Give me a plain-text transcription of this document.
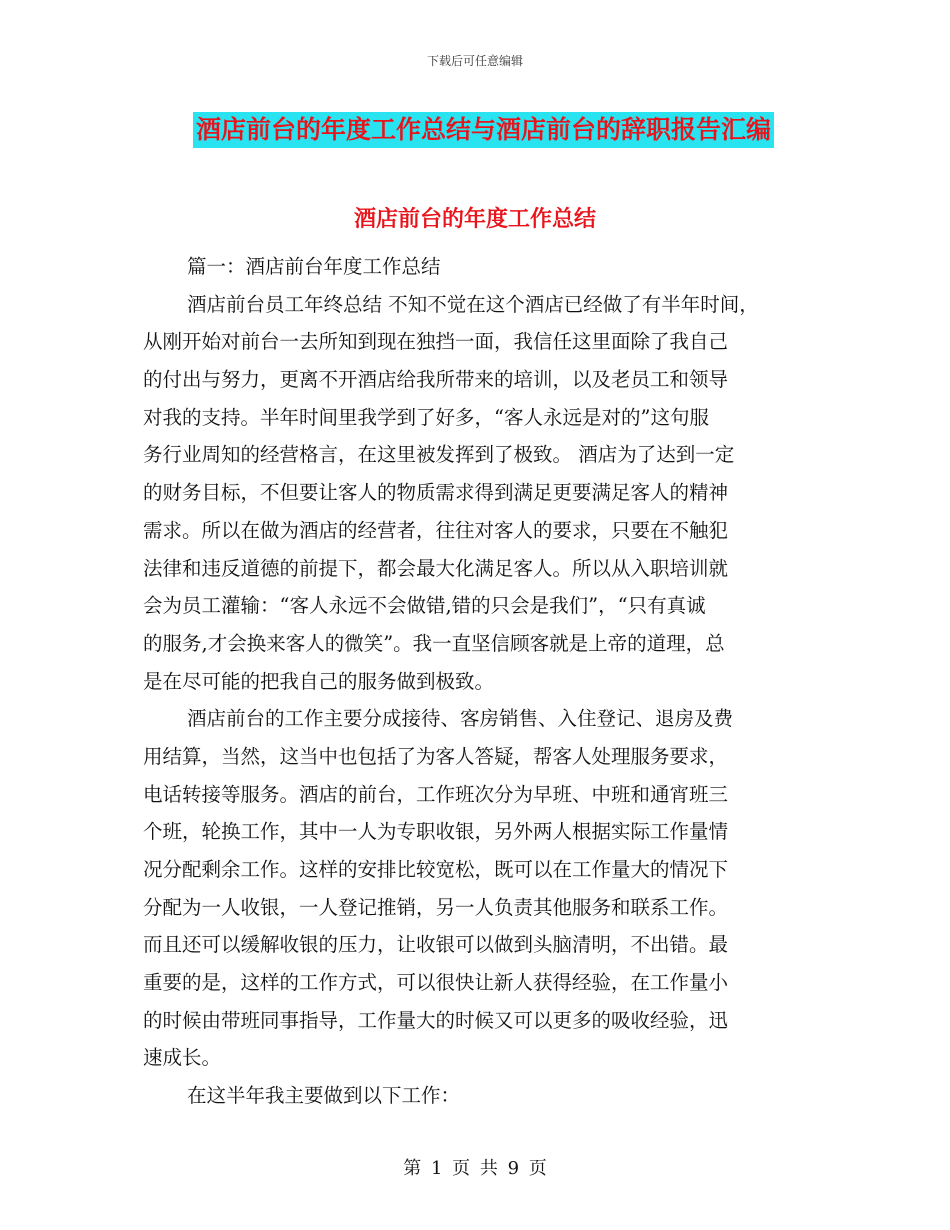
下载后可任意编辑
酒店前台的年度工作总结与酒店前台的辞职报告汇编
酒店前台的年度工作总结
篇一：酒店前台年度工作总结
酒店前台员工年终总结 不知不觉在这个酒店已经做了有半年时间，
从刚开始对前台一去所知到现在独挡一面，我信任这里面除了我自己
的付出与努力，更离不开酒店给我所带来的培训，以及老员工和领导
对我的支持。半年时间里我学到了好多，“客人永远是对的”这句服
务行业周知的经营格言，在这里被发挥到了极致。 酒店为了达到一定
的财务目标，不但要让客人的物质需求得到满足更要满足客人的精神
需求。所以在做为酒店的经营者，往往对客人的要求，只要在不触犯
法律和违反道德的前提下，都会最大化满足客人。所以从入职培训就
会为员工灌输：“客人永远不会做错,错的只会是我们”，“只有真诚
的服务,才会换来客人的微笑”。我一直坚信顾客就是上帝的道理，总
是在尽可能的把我自己的服务做到极致。
酒店前台的工作主要分成接待、客房销售、入住登记、退房及费
用结算，当然，这当中也包括了为客人答疑，帮客人处理服务要求，
电话转接等服务。酒店的前台，工作班次分为早班、中班和通宵班三
个班，轮换工作，其中一人为专职收银，另外两人根据实际工作量情
况分配剩余工作。这样的安排比较宽松，既可以在工作量大的情况下
分配为一人收银，一人登记推销，另一人负责其他服务和联系工作。
而且还可以缓解收银的压力，让收银可以做到头脑清明，不出错。最
重要的是，这样的工作方式，可以很快让新人获得经验，在工作量小
的时候由带班同事指导，工作量大的时候又可以更多的吸收经验，迅
速成长。
在这半年我主要做到以下工作：
第 1 页 共 9 页
